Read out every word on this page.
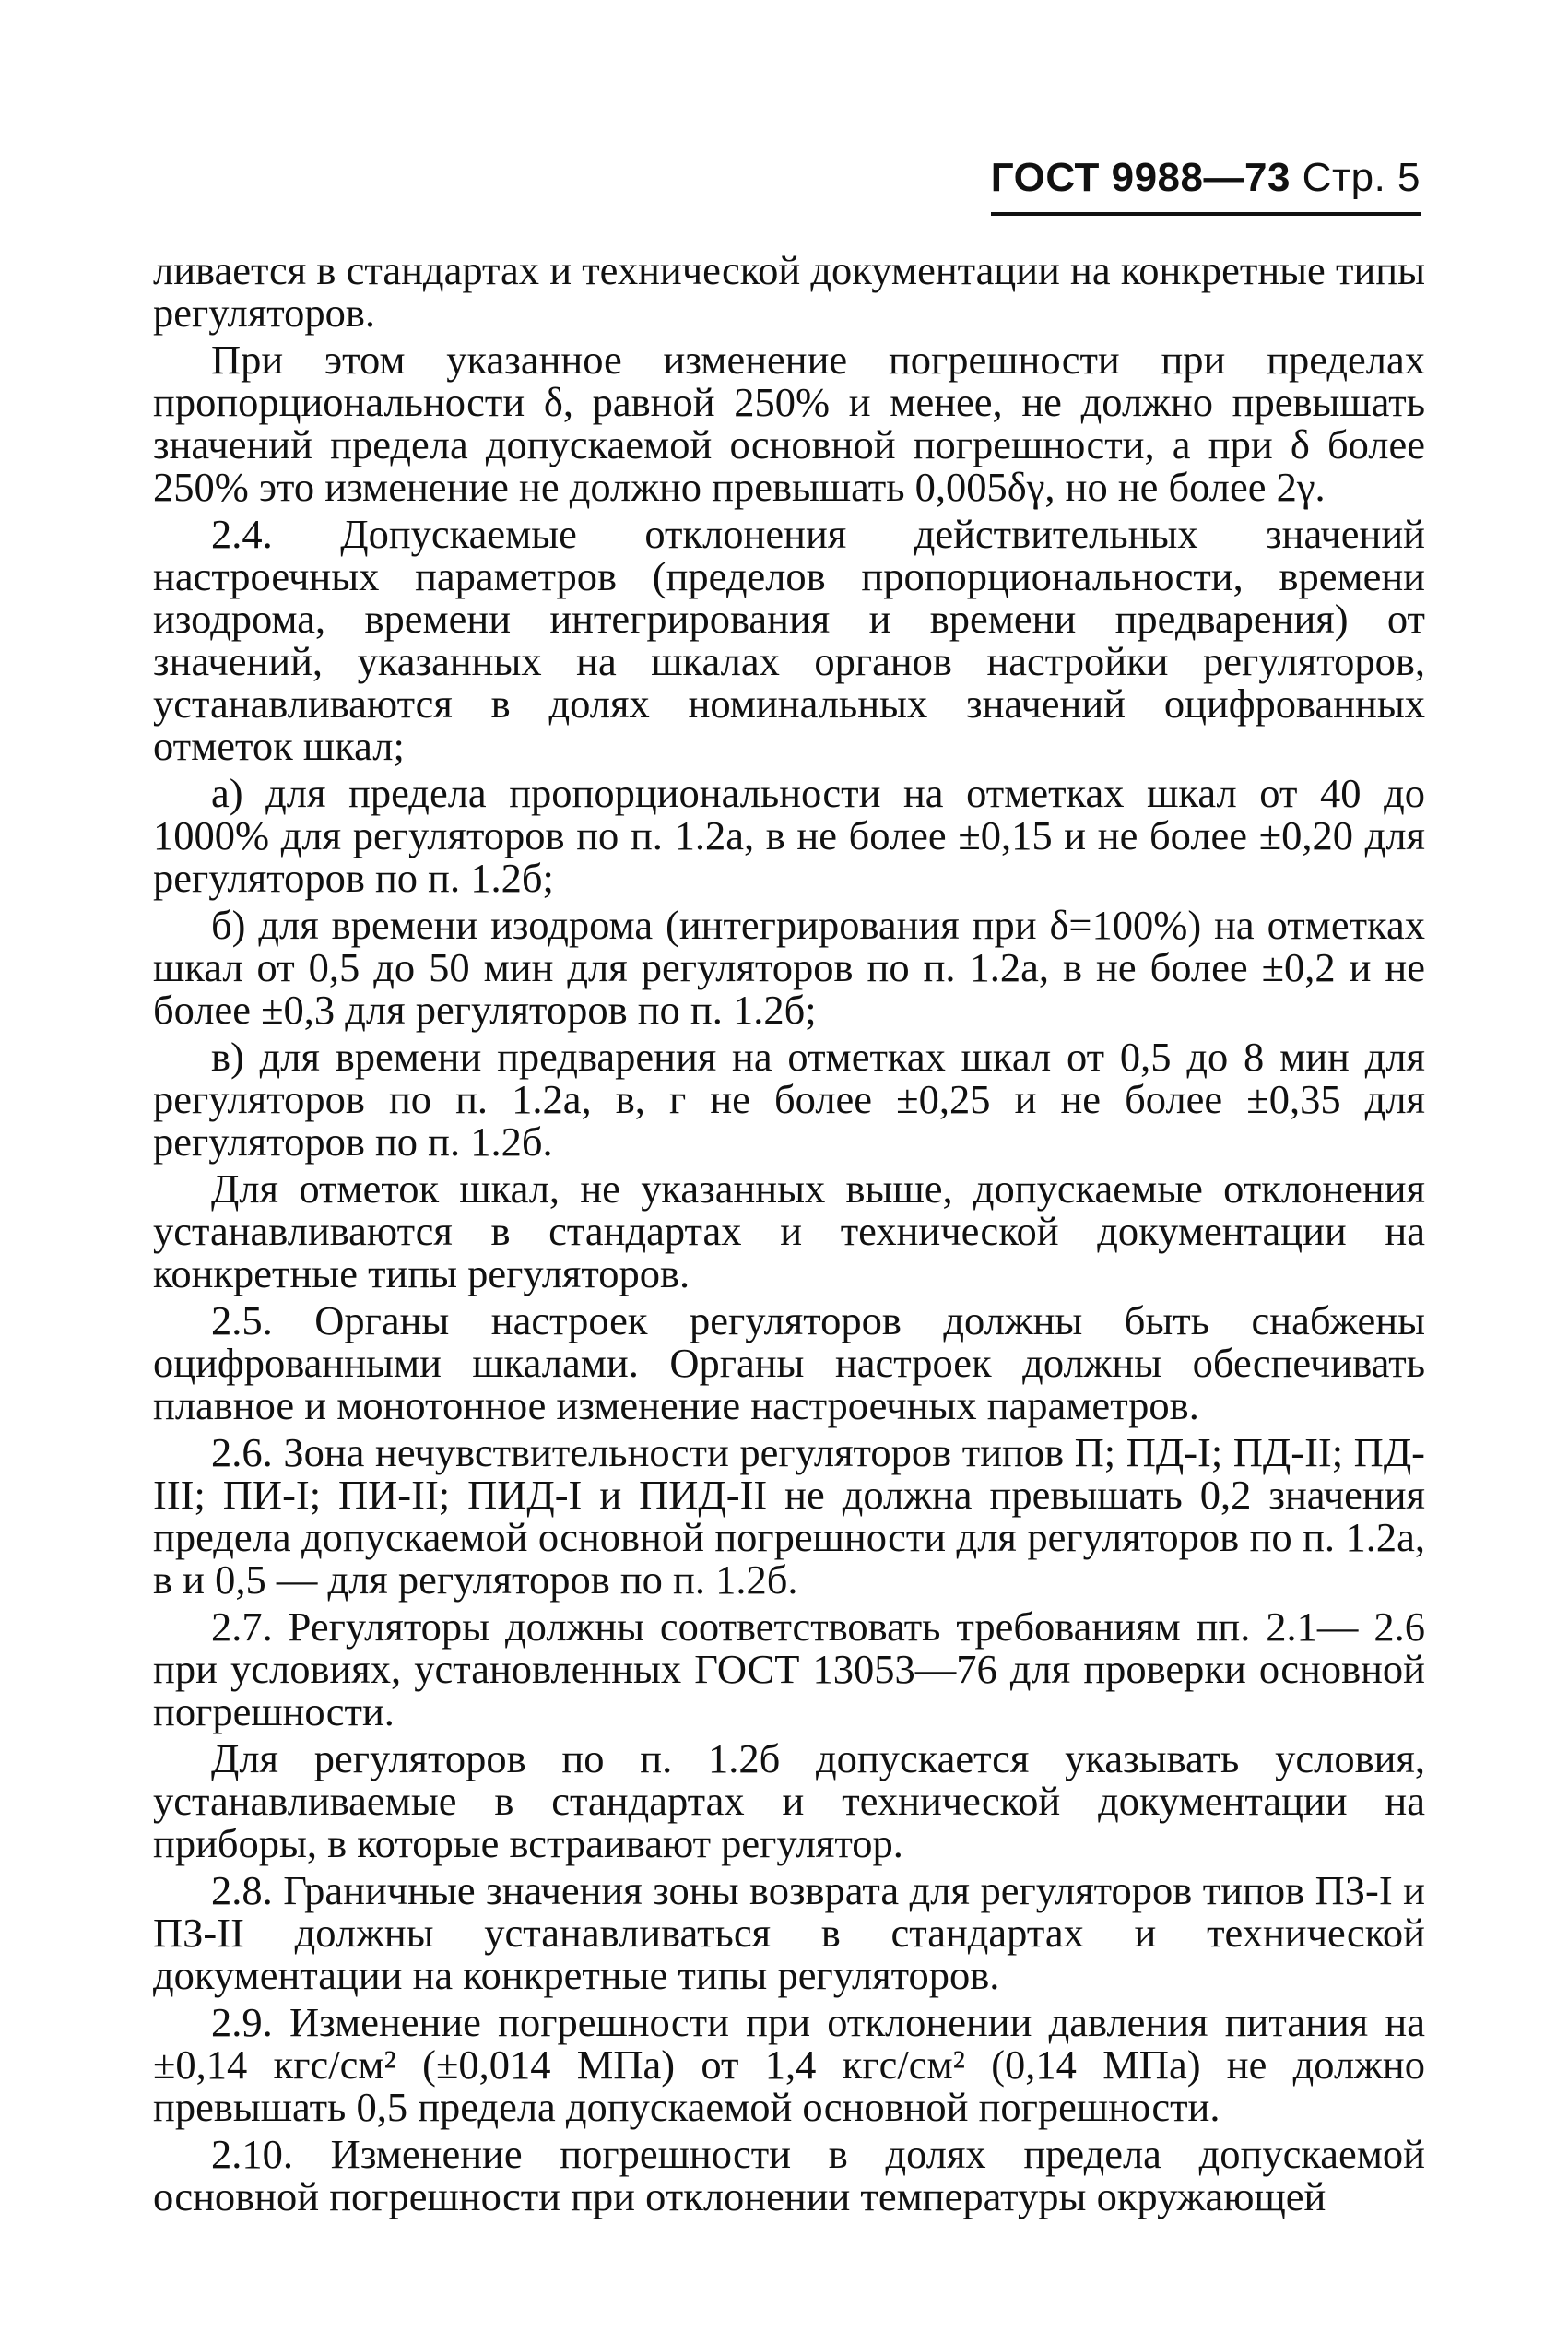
ГОСТ 9988—73 Стр. 5

ливается в стандартах и технической документации на конкретные типы регуляторов.

При этом указанное изменение погрешности при пределах пропорциональности δ, равной 250% и менее, не должно превышать значений предела допускаемой основной погрешности, а при δ более 250% это изменение не должно превышать 0,005δγ, но не более 2γ.

2.4. Допускаемые отклонения действительных значений настроечных параметров (пределов пропорциональности, времени изодрома, времени интегрирования и времени предварения) от значений, указанных на шкалах органов настройки регуляторов, устанавливаются в долях номинальных значений оцифрованных отметок шкал;

а) для предела пропорциональности на отметках шкал от 40 до 1000% для регуляторов по п. 1.2а, в не более ±0,15 и не более ±0,20 для регуляторов по п. 1.2б;

б) для времени изодрома (интегрирования при δ=100%) на отметках шкал от 0,5 до 50 мин для регуляторов по п. 1.2а, в не более ±0,2 и не более ±0,3 для регуляторов по п. 1.2б;

в) для времени предварения на отметках шкал от 0,5 до 8 мин для регуляторов по п. 1.2а, в, г не более ±0,25 и не более ±0,35 для регуляторов по п. 1.2б.

Для отметок шкал, не указанных выше, допускаемые отклонения устанавливаются в стандартах и технической документации на конкретные типы регуляторов.

2.5. Органы настроек регуляторов должны быть снабжены оцифрованными шкалами. Органы настроек должны обеспечивать плавное и монотонное изменение настроечных параметров.

2.6. Зона нечувствительности регуляторов типов П; ПД-I; ПД-II; ПД-III; ПИ-I; ПИ-II; ПИД-I и ПИД-II не должна превышать 0,2 значения предела допускаемой основной погрешности для регуляторов по п. 1.2а, в и 0,5 — для регуляторов по п. 1.2б.

2.7. Регуляторы должны соответствовать требованиям пп. 2.1— 2.6 при условиях, установленных ГОСТ 13053—76 для проверки основной погрешности.

Для регуляторов по п. 1.2б допускается указывать условия, устанавливаемые в стандартах и технической документации на приборы, в которые встраивают регулятор.

2.8. Граничные значения зоны возврата для регуляторов типов ПЗ-I и ПЗ-II должны устанавливаться в стандартах и технической документации на конкретные типы регуляторов.

2.9. Изменение погрешности при отклонении давления питания на ±0,14 кгс/см² (±0,014 МПа) от 1,4 кгс/см² (0,14 МПа) не должно превышать 0,5 предела допускаемой основной погрешности.

2.10. Изменение погрешности в долях предела допускаемой основной погрешности при отклонении температуры окружающей
